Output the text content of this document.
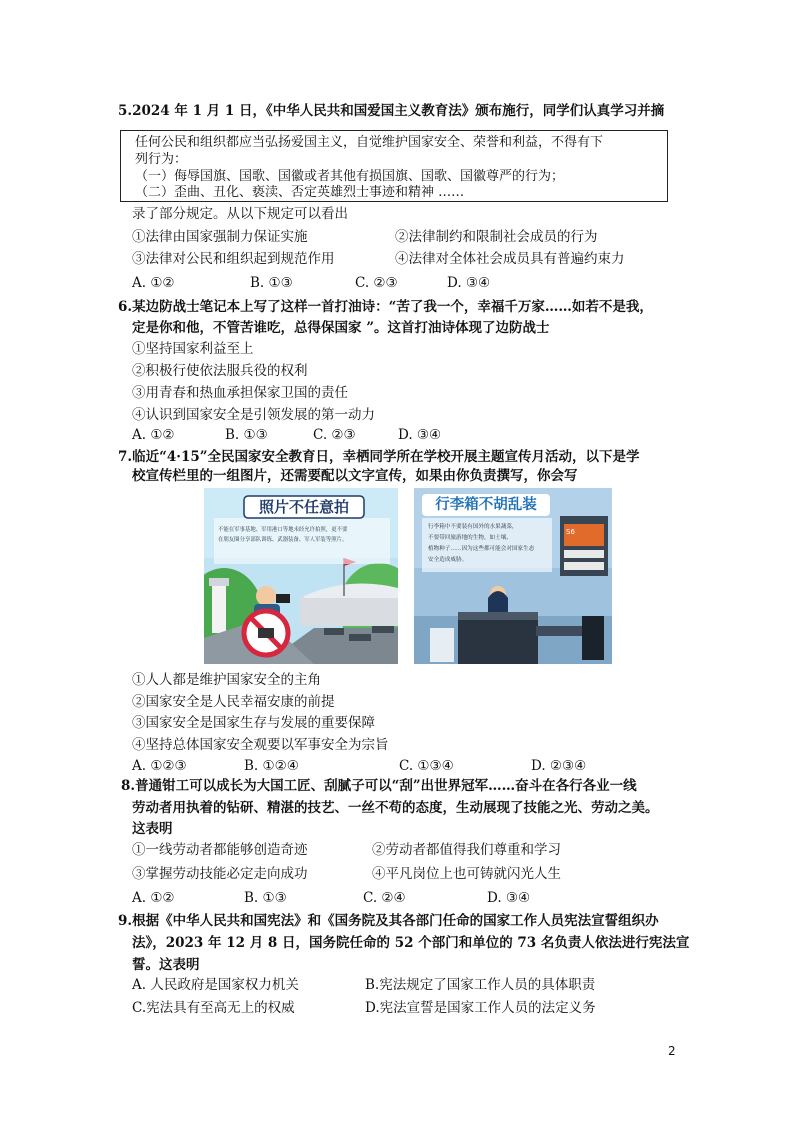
5.2024 年 1 月 1 日，《中华人民共和国爱国主义教育法》颁布施行，同学们认真学习并摘
任何公民和组织都应当弘扬爱国主义，自觉维护国家安全、荣誉和利益，不得有下
列行为：
（一）侮辱国旗、国歌、国徽或者其他有损国旗、国歌、国徽尊严的行为；
（二）歪曲、丑化、亵渎、否定英雄烈士事迹和精神 ……
录了部分规定。从以下规定可以看出
①法律由国家强制力保证实施	②法律制约和限制社会成员的行为
③法律对公民和组织起到规范作用	④法律对全体社会成员具有普遍约束力
A. ①②	B. ①③	C. ②③	D. ③④
6.某边防战士笔记本上写了这样一首打油诗：“苦了我一个，幸福千万家……如若不是我，
定是你和他，不管苦谁吃，总得保国家 ”。这首打油诗体现了边防战士
①坚持国家利益至上
②积极行使依法服兵役的权利
③用青春和热血承担保家卫国的责任
④认识到国家安全是引领发展的第一动力
A. ①②	B. ①③	C. ②③	D. ③④
7.临近“4·15”全民国家安全教育日，幸栖同学所在学校开展主题宣传月活动，以下是学
校宣传栏里的一组图片，还需要配以文字宣传，如果由你负责撰写，你会写
照片不任意拍
不能在军事基地、军用港口等地未经允许拍照，更不要
在朋友圈分享部队训练、武器装备、军人军装等照片。
行李箱不胡乱装
S6
行李箱中不要装有国外的水果蔬菜，
不要带回旅游地的生物，如土壤、
植物种子……因为这些都可能会对国家生态
安全造成威胁。
①人人都是维护国家安全的主角
②国家安全是人民幸福安康的前提
③国家安全是国家生存与发展的重要保障
④坚持总体国家安全观要以军事安全为宗旨
A. ①②③	B. ①②④	C. ①③④	D. ②③④
8.普通钳工可以成长为大国工匠、刮腻子可以“刮”出世界冠军……奋斗在各行各业一线
劳动者用执着的钻研、精湛的技艺、一丝不苟的态度，生动展现了技能之光、劳动之美。
这表明
①一线劳动者都能够创造奇迹	②劳动者都值得我们尊重和学习
③掌握劳动技能必定走向成功	④平凡岗位上也可铸就闪光人生
A. ①②	B. ①③	C. ②④	D. ③④
9.根据《中华人民共和国宪法》和《国务院及其各部门任命的国家工作人员宪法宣誓组织办
法》，2023 年 12 月 8 日，国务院任命的 52 个部门和单位的 73 名负责人依法进行宪法宣
誓。这表明
A. 人民政府是国家权力机关	B.宪法规定了国家工作人员的具体职责
C.宪法具有至高无上的权威	D.宪法宣誓是国家工作人员的法定义务
2
